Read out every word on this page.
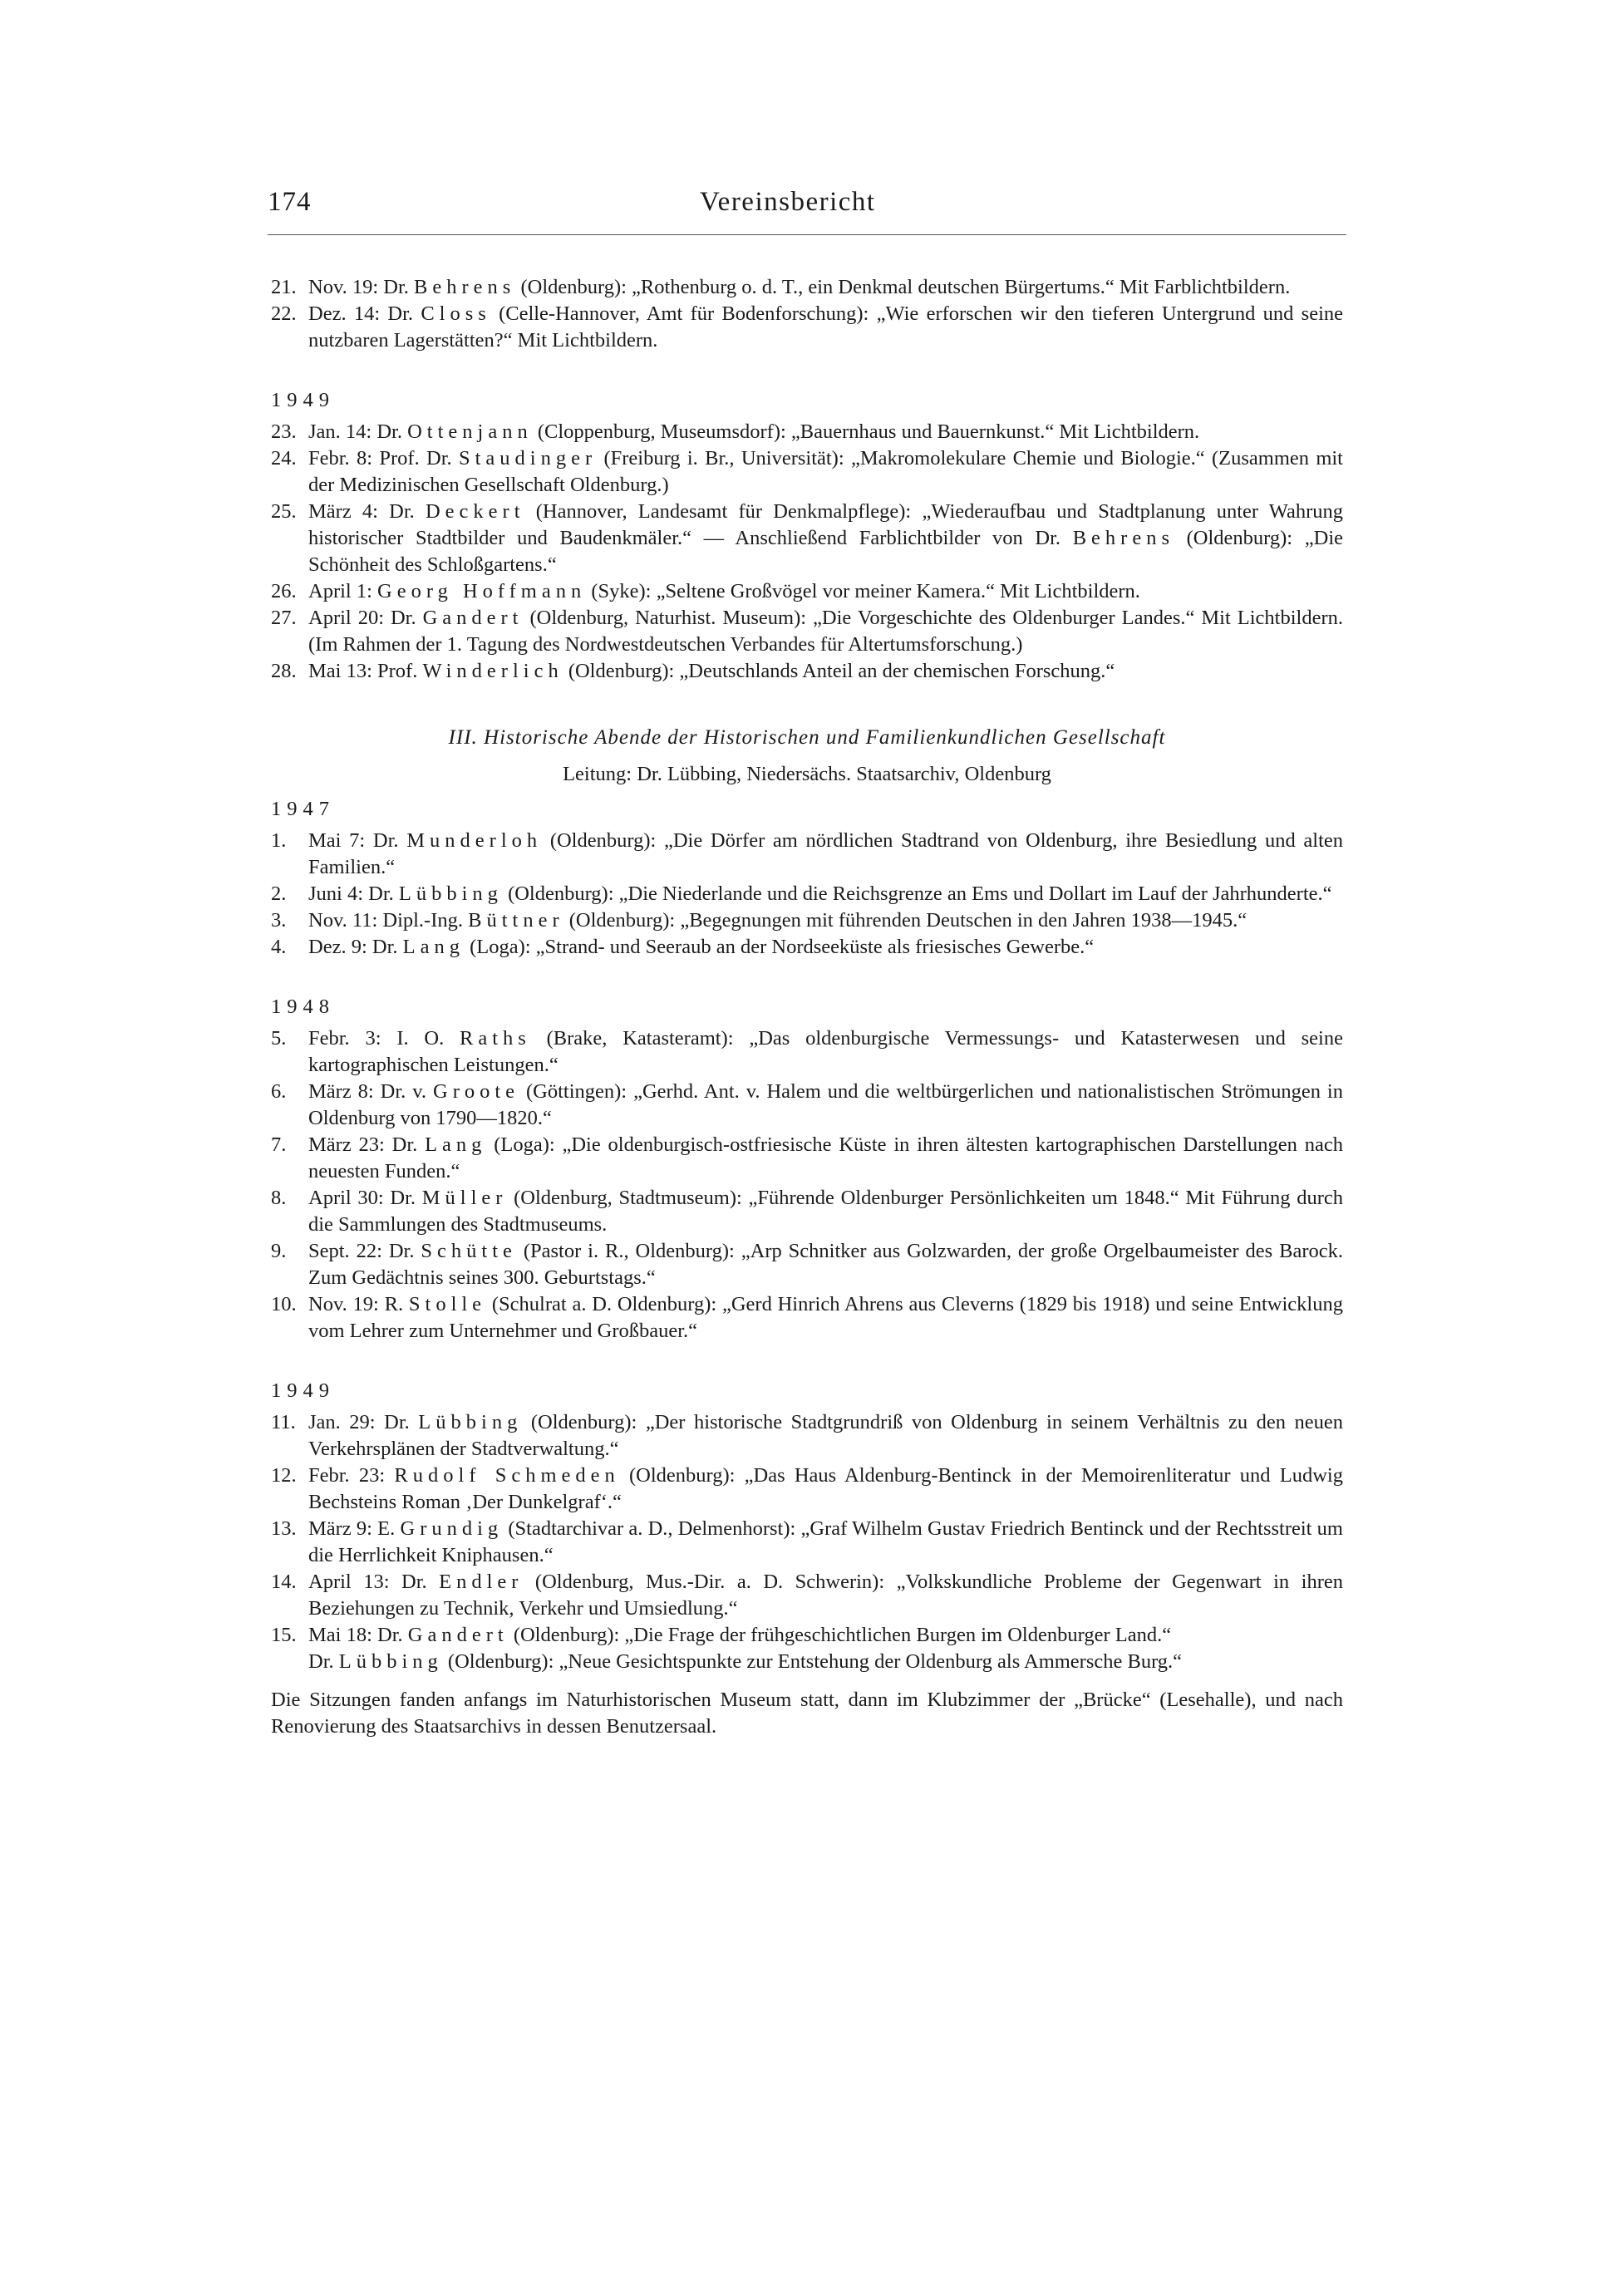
174	Vereinsbericht
21. Nov. 19: Dr. Behrens (Oldenburg): „Rothenburg o. d. T., ein Denkmal deutschen Bürgertums.“ Mit Farblichtbildern.
22. Dez. 14: Dr. Closs (Celle-Hannover, Amt für Bodenforschung): „Wie erforschen wir den tieferen Untergrund und seine nutzbaren Lagerstätten?“ Mit Lichtbildern.
1949
23. Jan. 14: Dr. Ottenjann (Cloppenburg, Museumsdorf): „Bauernhaus und Bauernkunst.“ Mit Lichtbildern.
24. Febr. 8: Prof. Dr. Staudinger (Freiburg i. Br., Universität): „Makromolekulare Chemie und Biologie.“ (Zusammen mit der Medizinischen Gesellschaft Oldenburg.)
25. März 4: Dr. Deckert (Hannover, Landesamt für Denkmalpflege): „Wiederaufbau und Stadtplanung unter Wahrung historischer Stadtbilder und Baudenkmäler.“ — Anschließend Farblichtbilder von Dr. Behrens (Oldenburg): „Die Schönheit des Schloßgartens.“
26. April 1: Georg Hoffmann (Syke): „Seltene Großvögel vor meiner Kamera.“ Mit Lichtbildern.
27. April 20: Dr. Gandert (Oldenburg, Naturhist. Museum): „Die Vorgeschichte des Oldenburger Landes.“ Mit Lichtbildern. (Im Rahmen der 1. Tagung des Nordwestdeutschen Verbandes für Altertumsforschung.)
28. Mai 13: Prof. Winderlich (Oldenburg): „Deutschlands Anteil an der chemischen Forschung.“
III. Historische Abende der Historischen und Familienkundlichen Gesellschaft
Leitung: Dr. Lübbing, Niedersächs. Staatsarchiv, Oldenburg
1947
1. Mai 7: Dr. Munderloh (Oldenburg): „Die Dörfer am nördlichen Stadtrand von Oldenburg, ihre Besiedlung und alten Familien.“
2. Juni 4: Dr. Lübbing (Oldenburg): „Die Niederlande und die Reichsgrenze an Ems und Dollart im Lauf der Jahrhunderte.“
3. Nov. 11: Dipl.-Ing. Büttner (Oldenburg): „Begegnungen mit führenden Deutschen in den Jahren 1938—1945.“
4. Dez. 9: Dr. Lang (Loga): „Strand- und Seeraub an der Nordseeküste als friesisches Gewerbe.“
1948
5. Febr. 3: I. O. Raths (Brake, Katasteramt): „Das oldenburgische Vermessungs- und Katasterwesen und seine kartographischen Leistungen.“
6. März 8: Dr. v. Groote (Göttingen): „Gerhd. Ant. v. Halem und die weltbürgerlichen und nationalistischen Strömungen in Oldenburg von 1790—1820.“
7. März 23: Dr. Lang (Loga): „Die oldenburgisch-ostfriesische Küste in ihren ältesten kartographischen Darstellungen nach neuesten Funden.“
8. April 30: Dr. Müller (Oldenburg, Stadtmuseum): „Führende Oldenburger Persönlichkeiten um 1848.“ Mit Führung durch die Sammlungen des Stadtmuseums.
9. Sept. 22: Dr. Schütte (Pastor i. R., Oldenburg): „Arp Schnitker aus Golzwarden, der große Orgelbaumeister des Barock. Zum Gedächtnis seines 300. Geburtstags.“
10. Nov. 19: R. Stolle (Schulrat a. D. Oldenburg): „Gerd Hinrich Ahrens aus Cleverns (1829 bis 1918) und seine Entwicklung vom Lehrer zum Unternehmer und Großbauer.“
1949
11. Jan. 29: Dr. Lübbing (Oldenburg): „Der historische Stadtgrundriß von Oldenburg in seinem Verhältnis zu den neuen Verkehrsplänen der Stadtverwaltung.“
12. Febr. 23: Rudolf Schmeden (Oldenburg): „Das Haus Aldenburg-Bentinck in der Memoirenliteratur und Ludwig Bechsteins Roman ‚Der Dunkelgraf‘.“
13. März 9: E. Grundig (Stadtarchivar a. D., Delmenhorst): „Graf Wilhelm Gustav Friedrich Bentinck und der Rechtsstreit um die Herrlichkeit Kniphausen.“
14. April 13: Dr. Endler (Oldenburg, Mus.-Dir. a. D. Schwerin): „Volkskundliche Probleme der Gegenwart in ihren Beziehungen zu Technik, Verkehr und Umsiedlung.“
15. Mai 18: Dr. Gandert (Oldenburg): „Die Frage der frühgeschichtlichen Burgen im Oldenburger Land.“
Dr. Lübbing (Oldenburg): „Neue Gesichtspunkte zur Entstehung der Oldenburg als Ammersche Burg.“
Die Sitzungen fanden anfangs im Naturhistorischen Museum statt, dann im Klubzimmer der „Brücke“ (Lesehalle), und nach Renovierung des Staatsarchivs in dessen Benutzersaal.
